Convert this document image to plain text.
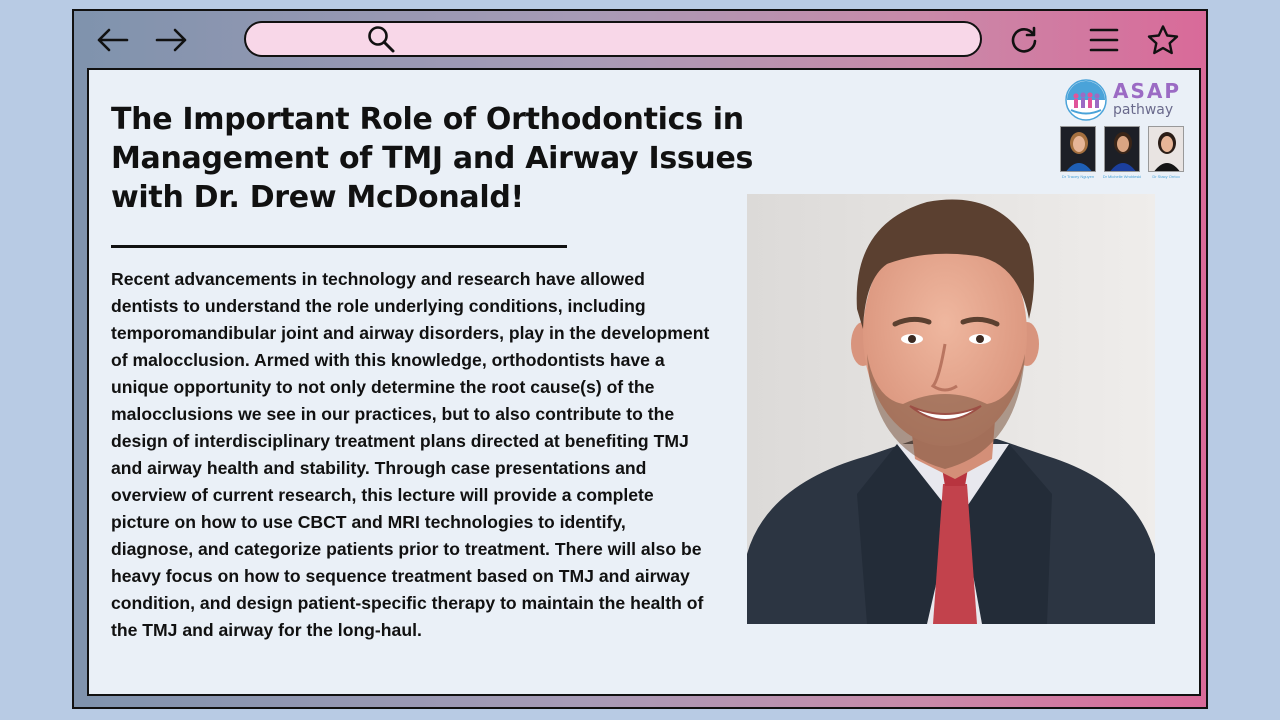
The Important Role of Orthodontics in Management of TMJ and Airway Issues with Dr. Drew McDonald!

Recent advancements in technology and research have allowed dentists to understand the role underlying conditions, including temporomandibular joint and airway disorders, play in the development of malocclusion. Armed with this knowledge, orthodontists have a unique opportunity to not only determine the root cause(s) of the malocclusions we see in our practices, but to also contribute to the design of interdisciplinary treatment plans directed at benefiting TMJ and airway health and stability. Through case presentations and overview of current research, this lecture will provide a complete picture on how to use CBCT and MRI technologies to identify, diagnose, and categorize patients prior to treatment. There will also be heavy focus on how to sequence treatment based on TMJ and airway condition, and design patient-specific therapy to maintain the health of the TMJ and airway for the long-haul.

ASAP
pathway
Dr Tracey Nguyen	Dr Michelle Wrobleski	Dr Stacy Orrico
